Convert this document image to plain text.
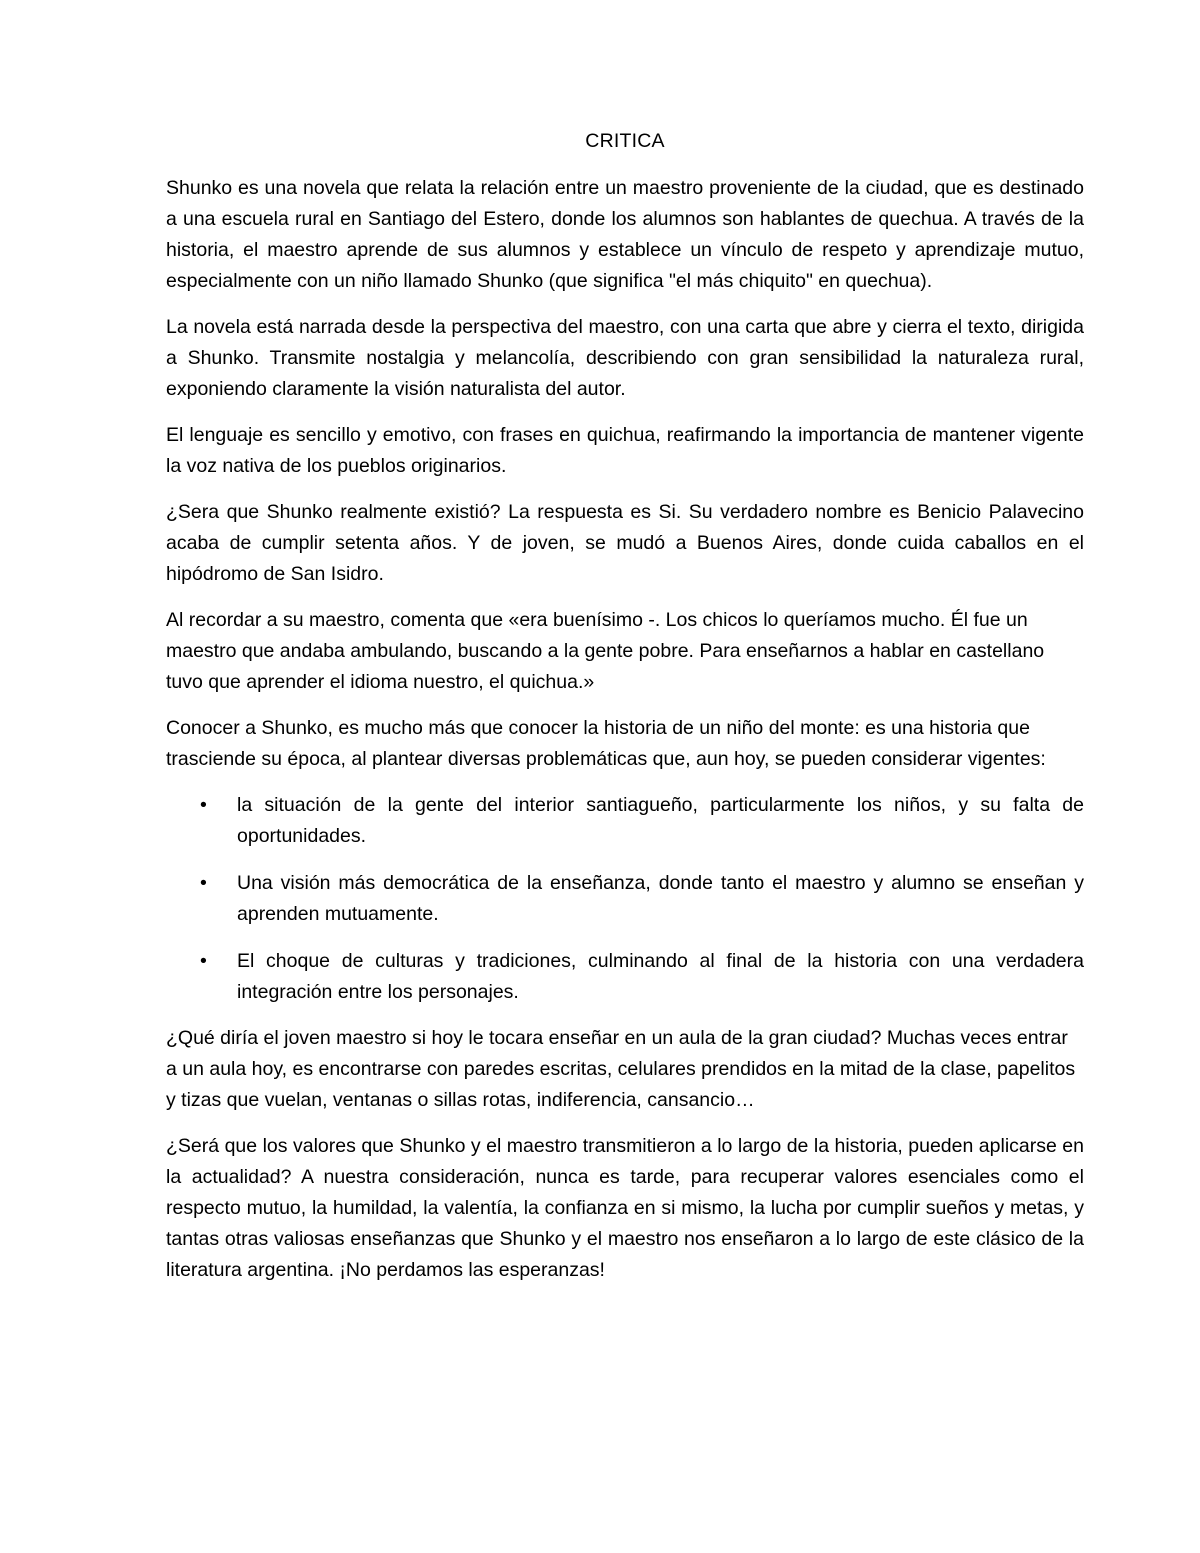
CRITICA

Shunko es una novela que relata la relación entre un maestro proveniente de la ciudad, que es destinado a una escuela rural en Santiago del Estero, donde los alumnos son hablantes de quechua. A través de la historia, el maestro aprende de sus alumnos y establece un vínculo de respeto y aprendizaje mutuo, especialmente con un niño llamado Shunko (que significa "el más chiquito" en quechua).

La novela está narrada desde la perspectiva del maestro, con una carta que abre y cierra el texto, dirigida a Shunko. Transmite nostalgia y melancolía, describiendo con gran sensibilidad la naturaleza rural, exponiendo claramente la visión naturalista del autor.

El lenguaje es sencillo y emotivo, con frases en quichua, reafirmando la importancia de mantener vigente la voz nativa de los pueblos originarios.

¿Sera que Shunko realmente existió? La respuesta es Si. Su verdadero nombre es Benicio Palavecino acaba de cumplir setenta años. Y de joven, se mudó a Buenos Aires, donde cuida caballos en el hipódromo de San Isidro.

Al recordar a su maestro, comenta que «era buenísimo -. Los chicos lo queríamos mucho. Él fue un maestro que andaba ambulando, buscando a la gente pobre. Para enseñarnos a hablar en castellano tuvo que aprender el idioma nuestro, el quichua.»

Conocer a Shunko, es mucho más que conocer la historia de un niño del monte: es una historia que trasciende su época, al plantear diversas problemáticas que, aun hoy, se pueden considerar vigentes:

• la situación de la gente del interior santiagueño, particularmente los niños, y su falta de oportunidades.
• Una visión más democrática de la enseñanza, donde tanto el maestro y alumno se enseñan y aprenden mutuamente.
• El choque de culturas y tradiciones, culminando al final de la historia con una verdadera integración entre los personajes.

¿Qué diría el joven maestro si hoy le tocara enseñar en un aula de la gran ciudad? Muchas veces entrar a un aula hoy, es encontrarse con paredes escritas, celulares prendidos en la mitad de la clase, papelitos y tizas que vuelan, ventanas o sillas rotas, indiferencia, cansancio…

¿Será que los valores que Shunko y el maestro transmitieron a lo largo de la historia, pueden aplicarse en la actualidad? A nuestra consideración, nunca es tarde, para recuperar valores esenciales como el respecto mutuo, la humildad, la valentía, la confianza en si mismo, la lucha por cumplir sueños y metas, y tantas otras valiosas enseñanzas que Shunko y el maestro nos enseñaron a lo largo de este clásico de la literatura argentina. ¡No perdamos las esperanzas!
